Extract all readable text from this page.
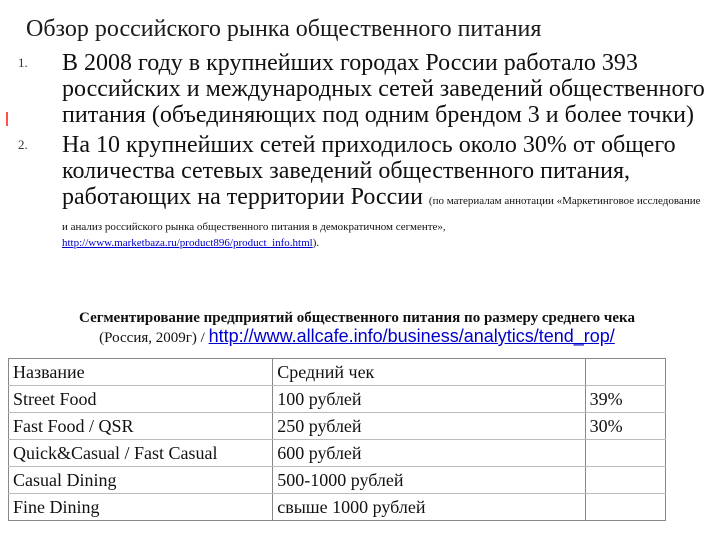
Обзор российского рынка общественного питания
1. В 2008 году в крупнейших городах России работало 393 российских и международных сетей заведений общественного питания (объединяющих под одним брендом 3 и более точки)
2. На 10 крупнейших сетей приходилось около 30% от общего количества сетевых заведений общественного питания, работающих на территории России (по материалам аннотации «Маркетинговое исследование и анализ российского рынка общественного питания в демократичном сегменте»,
http://www.marketbaza.ru/product896/product_info.html).
Сегментирование предприятий общественного питания по размеру среднего чека
(Россия, 2009г) / http://www.allcafe.info/business/analytics/tend_rop/
Название	Средний чек	
Street Food	100 рублей	39%
Fast Food / QSR	250 рублей	30%
Quick&Casual / Fast Casual	600 рублей	
Casual Dining	500-1000 рублей	
Fine Dining	свыше 1000 рублей	
